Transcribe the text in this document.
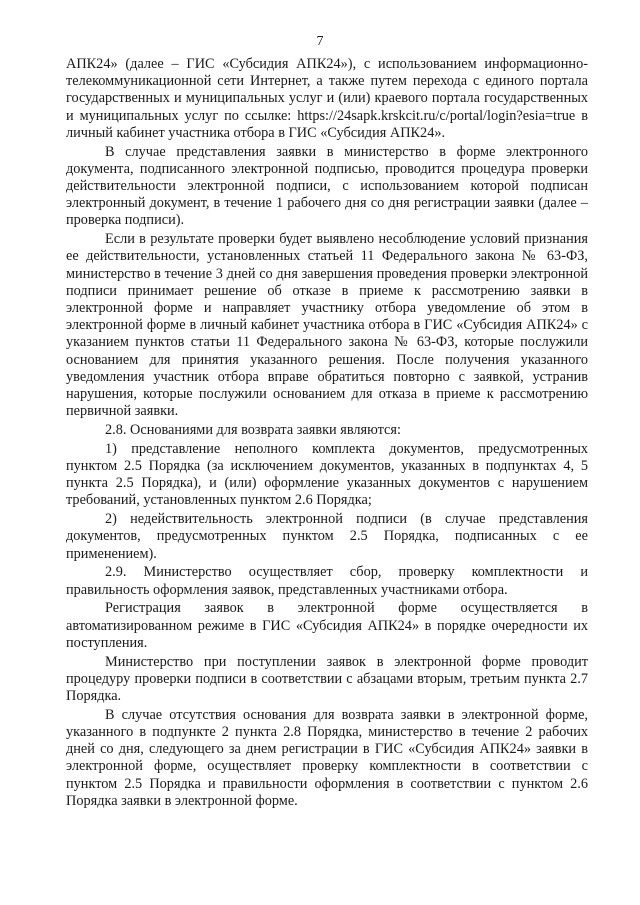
7

АПК24» (далее – ГИС «Субсидия АПК24»), с использованием информационно-телекоммуникационной сети Интернет, а также путем перехода с единого портала государственных и муниципальных услуг и (или) краевого портала государственных и муниципальных услуг по ссылке: https://24sapk.krskcit.ru/c/portal/login?esia=true в личный кабинет участника отбора в ГИС «Субсидия АПК24».

В случае представления заявки в министерство в форме электронного документа, подписанного электронной подписью, проводится процедура проверки действительности электронной подписи, с использованием которой подписан электронный документ, в течение 1 рабочего дня со дня регистрации заявки (далее – проверка подписи).

Если в результате проверки будет выявлено несоблюдение условий признания ее действительности, установленных статьей 11 Федерального закона № 63-ФЗ, министерство в течение 3 дней со дня завершения проведения проверки электронной подписи принимает решение об отказе в приеме к рассмотрению заявки в электронной форме и направляет участнику отбора уведомление об этом в электронной форме в личный кабинет участника отбора в ГИС «Субсидия АПК24» с указанием пунктов статьи 11 Федерального закона № 63-ФЗ, которые послужили основанием для принятия указанного решения. После получения указанного уведомления участник отбора вправе обратиться повторно с заявкой, устранив нарушения, которые послужили основанием для отказа в приеме к рассмотрению первичной заявки.

2.8. Основаниями для возврата заявки являются:

1) представление неполного комплекта документов, предусмотренных пунктом 2.5 Порядка (за исключением документов, указанных в подпунктах 4, 5 пункта 2.5 Порядка), и (или) оформление указанных документов с нарушением требований, установленных пунктом 2.6 Порядка;

2) недействительность электронной подписи (в случае представления документов, предусмотренных пунктом 2.5 Порядка, подписанных с ее применением).

2.9. Министерство осуществляет сбор, проверку комплектности и правильность оформления заявок, представленных участниками отбора.

Регистрация заявок в электронной форме осуществляется в автоматизированном режиме в ГИС «Субсидия АПК24» в порядке очередности их поступления.

Министерство при поступлении заявок в электронной форме проводит процедуру проверки подписи в соответствии с абзацами вторым, третьим пункта 2.7 Порядка.

В случае отсутствия основания для возврата заявки в электронной форме, указанного в подпункте 2 пункта 2.8 Порядка, министерство в течение 2 рабочих дней со дня, следующего за днем регистрации в ГИС «Субсидия АПК24» заявки в электронной форме, осуществляет проверку комплектности в соответствии с пунктом 2.5 Порядка и правильности оформления в соответствии с пунктом 2.6 Порядка заявки в электронной форме.
